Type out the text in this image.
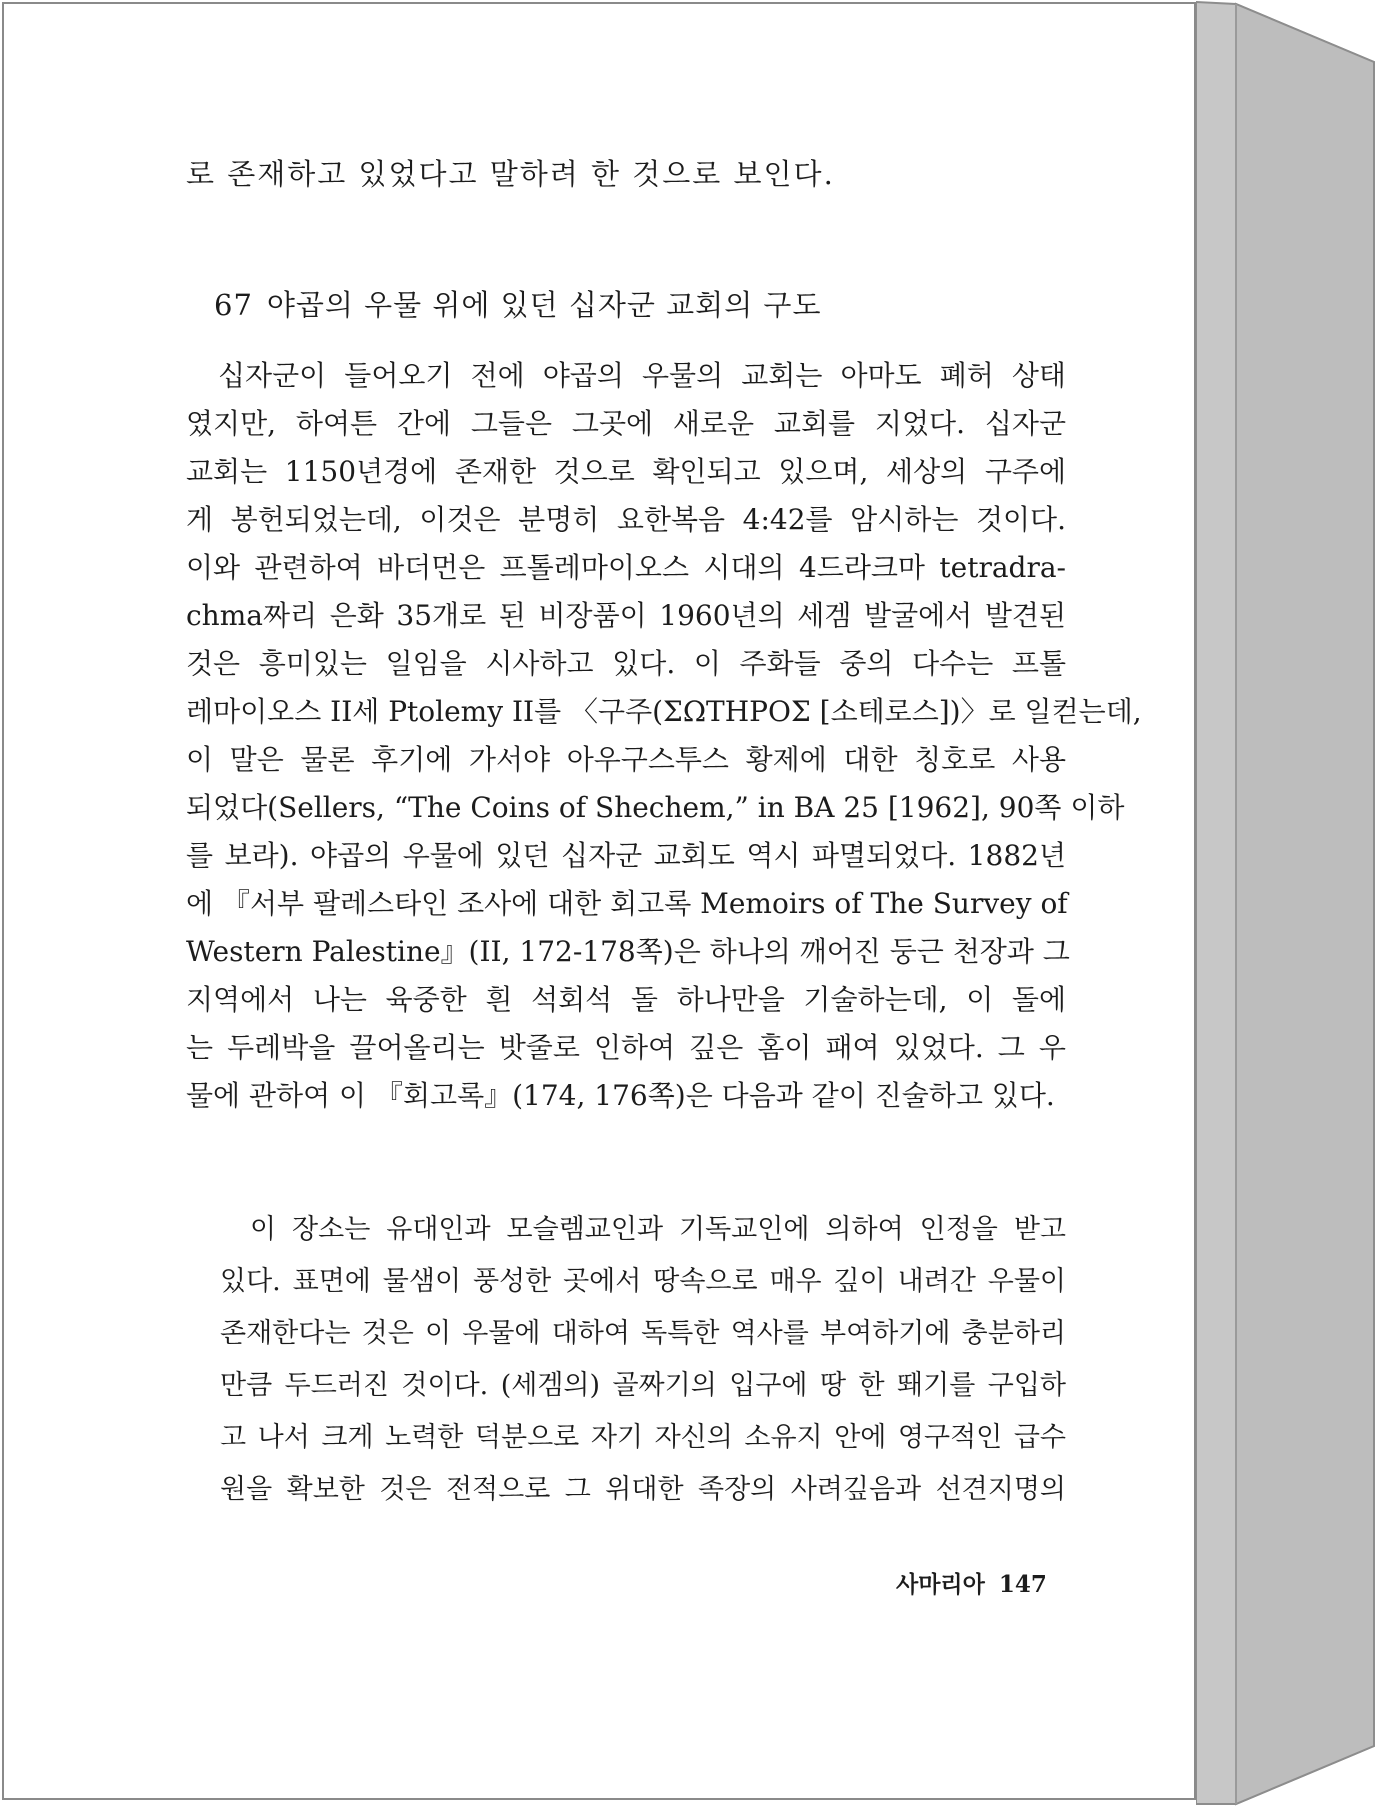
로 존재하고 있었다고 말하려 한 것으로 보인다.
67 야곱의 우물 위에 있던 십자군 교회의 구도
십자군이 들어오기 전에 야곱의 우물의 교회는 아마도 폐허 상태
였지만, 하여튼 간에 그들은 그곳에 새로운 교회를 지었다. 십자군
교회는 1150년경에 존재한 것으로 확인되고 있으며, 세상의 구주에
게 봉헌되었는데, 이것은 분명히 요한복음 4:42를 암시하는 것이다.
이와 관련하여 바더먼은 프톨레마이오스 시대의 4드라크마 tetradra-
chma짜리 은화 35개로 된 비장품이 1960년의 세겜 발굴에서 발견된
것은 흥미있는 일임을 시사하고 있다. 이 주화들 중의 다수는 프톨
레마이오스 II세 Ptolemy II를 〈구주(ΣΩTHPOΣ [소테로스])〉로 일컫는데,
이 말은 물론 후기에 가서야 아우구스투스 황제에 대한 칭호로 사용
되었다(Sellers, “The Coins of Shechem,” in BA 25 [1962], 90쪽 이하
를 보라). 야곱의 우물에 있던 십자군 교회도 역시 파멸되었다. 1882년
에 『서부 팔레스타인 조사에 대한 회고록 Memoirs of The Survey of
Western Palestine』(II, 172-178쪽)은 하나의 깨어진 둥근 천장과 그
지역에서 나는 육중한 흰 석회석 돌 하나만을 기술하는데, 이 돌에
는 두레박을 끌어올리는 밧줄로 인하여 깊은 홈이 패여 있었다. 그 우
물에 관하여 이 『회고록』(174, 176쪽)은 다음과 같이 진술하고 있다.
이 장소는 유대인과 모슬렘교인과 기독교인에 의하여 인정을 받고
있다. 표면에 물샘이 풍성한 곳에서 땅속으로 매우 깊이 내려간 우물이
존재한다는 것은 이 우물에 대하여 독특한 역사를 부여하기에 충분하리
만큼 두드러진 것이다. (세겜의) 골짜기의 입구에 땅 한 뙈기를 구입하
고 나서 크게 노력한 덕분으로 자기 자신의 소유지 안에 영구적인 급수
원을 확보한 것은 전적으로 그 위대한 족장의 사려깊음과 선견지명의
사마리아 147
